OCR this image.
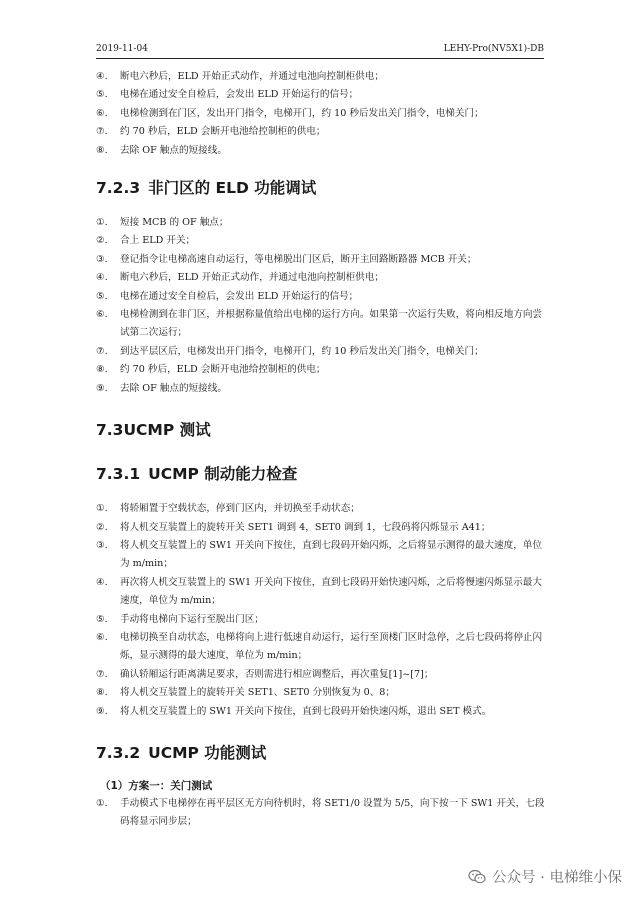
2019-11-04	LEHY-Pro(NV5X1)-DB
④.	断电六秒后，ELD 开始正式动作，并通过电池向控制柜供电；
⑤.	电梯在通过安全自检后，会发出 ELD 开始运行的信号；
⑥.	电梯检测到在门区，发出开门指令，电梯开门，约 10 秒后发出关门指令，电梯关门；
⑦.	约 70 秒后，ELD 会断开电池给控制柜的供电；
⑧.	去除 OF 触点的短接线。
7.2.3 非门区的 ELD 功能调试
①.	短接 MCB 的 OF 触点；
②.	合上 ELD 开关；
③.	登记指令让电梯高速自动运行，等电梯脱出门区后，断开主回路断路器 MCB 开关；
④.	断电六秒后，ELD 开始正式动作，并通过电池向控制柜供电；
⑤.	电梯在通过安全自检后，会发出 ELD 开始运行的信号；
⑥.	电梯检测到在非门区，并根据称量值给出电梯的运行方向。如果第一次运行失败，将向相反地方向尝试第二次运行；
⑦.	到达平层区后，电梯发出开门指令，电梯开门，约 10 秒后发出关门指令，电梯关门；
⑧.	约 70 秒后，ELD 会断开电池给控制柜的供电；
⑨.	去除 OF 触点的短接线。
7.3UCMP 测试
7.3.1 UCMP 制动能力检查
①.	将轿厢置于空载状态，停到门区内，并切换至手动状态；
②.	将人机交互装置上的旋转开关 SET1 调到 4，SET0 调到 1，七段码将闪烁显示 A41；
③.	将人机交互装置上的 SW1 开关向下按住，直到七段码开始闪烁，之后将显示测得的最大速度，单位为 m/min；
④.	再次将人机交互装置上的 SW1 开关向下按住，直到七段码开始快速闪烁，之后将慢速闪烁显示最大速度，单位为 m/min；
⑤.	手动将电梯向下运行至脱出门区；
⑥.	电梯切换至自动状态，电梯将向上进行低速自动运行，运行至顶楼门区时急停，之后七段码将停止闪烁，显示测得的最大速度，单位为 m/min；
⑦.	确认轿厢运行距离满足要求，否则需进行相应调整后，再次重复[1]~[7]；
⑧.	将人机交互装置上的旋转开关 SET1、SET0 分别恢复为 0、8；
⑨.	将人机交互装置上的 SW1 开关向下按住，直到七段码开始快速闪烁，退出 SET 模式。
7.3.2 UCMP 功能测试
（1）方案一：关门测试
①.	手动模式下电梯停在再平层区无方向待机时，将 SET1/0 设置为 5/5，向下按一下 SW1 开关，七段码将显示同步层；
公众号 · 电梯维小保
